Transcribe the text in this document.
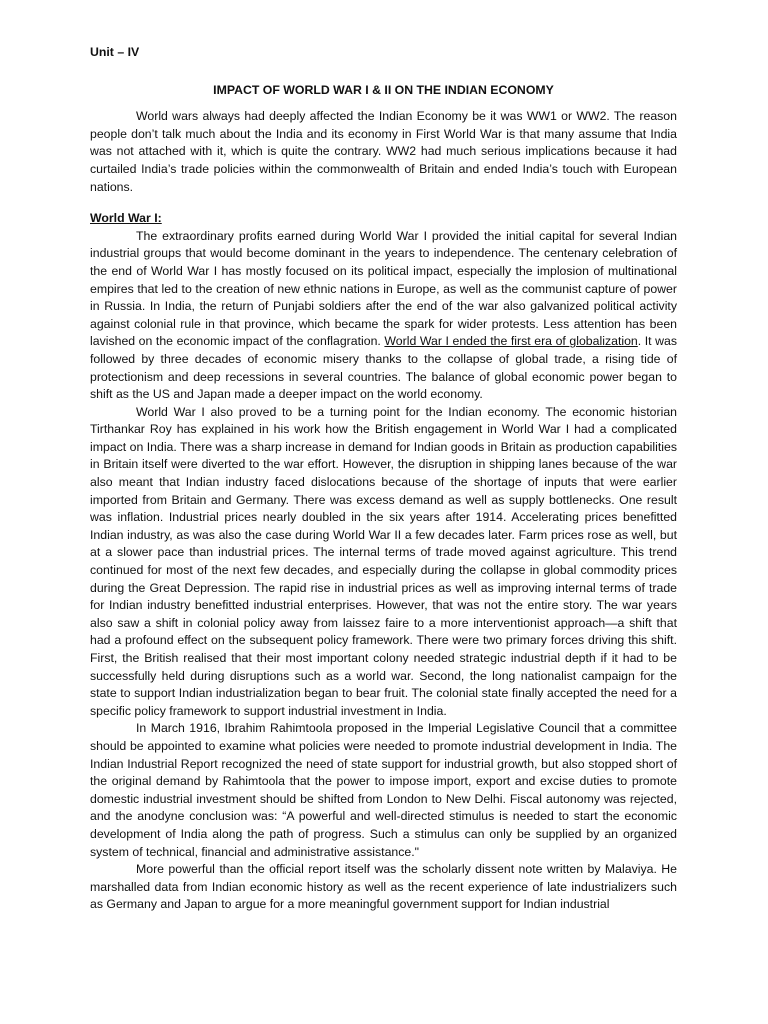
Unit – IV

IMPACT OF WORLD WAR I & II ON THE INDIAN ECONOMY

World wars always had deeply affected the Indian Economy be it was WW1 or WW2. The reason people don’t talk much about the India and its economy in First World War is that many assume that India was not attached with it, which is quite the contrary. WW2 had much serious implications because it had curtailed India’s trade policies within the commonwealth of Britain and ended India’s touch with European nations.

World War I:

The extraordinary profits earned during World War I provided the initial capital for several Indian industrial groups that would become dominant in the years to independence. The centenary celebration of the end of World War I has mostly focused on its political impact, especially the implosion of multinational empires that led to the creation of new ethnic nations in Europe, as well as the communist capture of power in Russia. In India, the return of Punjabi soldiers after the end of the war also galvanized political activity against colonial rule in that province, which became the spark for wider protests. Less attention has been lavished on the economic impact of the conflagration. World War I ended the first era of globalization. It was followed by three decades of economic misery thanks to the collapse of global trade, a rising tide of protectionism and deep recessions in several countries. The balance of global economic power began to shift as the US and Japan made a deeper impact on the world economy.

World War I also proved to be a turning point for the Indian economy. The economic historian Tirthankar Roy has explained in his work how the British engagement in World War I had a complicated impact on India. There was a sharp increase in demand for Indian goods in Britain as production capabilities in Britain itself were diverted to the war effort. However, the disruption in shipping lanes because of the war also meant that Indian industry faced dislocations because of the shortage of inputs that were earlier imported from Britain and Germany. There was excess demand as well as supply bottlenecks. One result was inflation. Industrial prices nearly doubled in the six years after 1914. Accelerating prices benefitted Indian industry, as was also the case during World War II a few decades later. Farm prices rose as well, but at a slower pace than industrial prices. The internal terms of trade moved against agriculture. This trend continued for most of the next few decades, and especially during the collapse in global commodity prices during the Great Depression. The rapid rise in industrial prices as well as improving internal terms of trade for Indian industry benefitted industrial enterprises. However, that was not the entire story. The war years also saw a shift in colonial policy away from laissez faire to a more interventionist approach—a shift that had a profound effect on the subsequent policy framework. There were two primary forces driving this shift. First, the British realised that their most important colony needed strategic industrial depth if it had to be successfully held during disruptions such as a world war. Second, the long nationalist campaign for the state to support Indian industrialization began to bear fruit. The colonial state finally accepted the need for a specific policy framework to support industrial investment in India.

In March 1916, Ibrahim Rahimtoola proposed in the Imperial Legislative Council that a committee should be appointed to examine what policies were needed to promote industrial development in India. The Indian Industrial Report recognized the need of state support for industrial growth, but also stopped short of the original demand by Rahimtoola that the power to impose import, export and excise duties to promote domestic industrial investment should be shifted from London to New Delhi. Fiscal autonomy was rejected, and the anodyne conclusion was: “A powerful and well-directed stimulus is needed to start the economic development of India along the path of progress. Such a stimulus can only be supplied by an organized system of technical, financial and administrative assistance."

More powerful than the official report itself was the scholarly dissent note written by Malaviya. He marshalled data from Indian economic history as well as the recent experience of late industrializers such as Germany and Japan to argue for a more meaningful government support for Indian industrial
